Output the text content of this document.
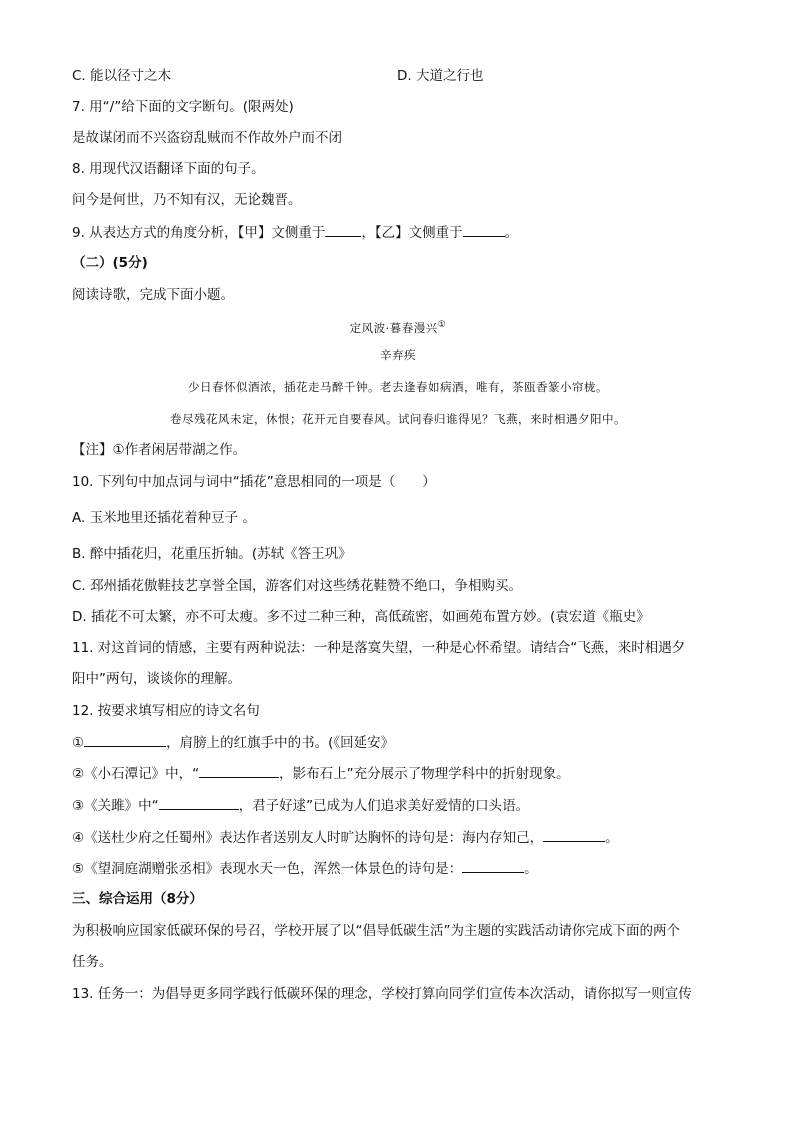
C. 能以径寸之木	D. 大道之行也
7. 用“/”给下面的文字断句。(限两处)
是故谋闭而不兴盗窃乱贼而不作故外户而不闭
8. 用现代汉语翻译下面的句子。
问今是何世，乃不知有汉，无论魏晋。
9. 从表达方式的角度分析，【甲】文侧重于	，【乙】文侧重于	。
（二）(5分)
阅读诗歌，完成下面小题。
定风波·暮春漫兴①
辛弃疾
少日春怀似酒浓，插花走马醉千钟。老去逢春如病酒，唯有，茶瓯香篆小帘栊。
卷尽残花风未定，休恨；花开元自要春风。试问春归谁得见？飞燕，来时相遇夕阳中。
【注】①作者闲居带湖之作。
10. 下列句中加点词与词中“插花”意思相同的一项是（　　）
A. 玉米地里还插花着种豆子 。
B. 醉中插花归，花重压折轴。(苏轼《答王巩》
C. 邳州插花傲鞋技艺享誉全国，游客们对这些绣花鞋赞不绝口，争相购买。
D. 插花不可太繁，亦不可太瘦。多不过二种三种，高低疏密，如画苑布置方妙。(袁宏道《瓶史》
11. 对这首词的情感，主要有两种说法：一种是落寞失望，一种是心怀希望。请结合“飞燕，来时相遇夕
阳中”两句，谈谈你的理解。
12. 按要求填写相应的诗文名句
①	，肩膀上的红旗手中的书。(《回延安》
②《小石潭记》中，“	，影布石上”充分展示了物理学科中的折射现象。
③《关雎》中“	，君子好逑”已成为人们追求美好爱情的口头语。
④《送杜少府之任蜀州》表达作者送别友人时旷达胸怀的诗句是：海内存知己，	。
⑤《望洞庭湖赠张丞相》表现水天一色，浑然一体景色的诗句是：	。
三、综合运用（8分）
为积极响应国家低碳环保的号召，学校开展了以“倡导低碳生活”为主题的实践活动请你完成下面的两个
任务。
13. 任务一：为倡导更多同学践行低碳环保的理念，学校打算向同学们宣传本次活动，请你拟写一则宣传
